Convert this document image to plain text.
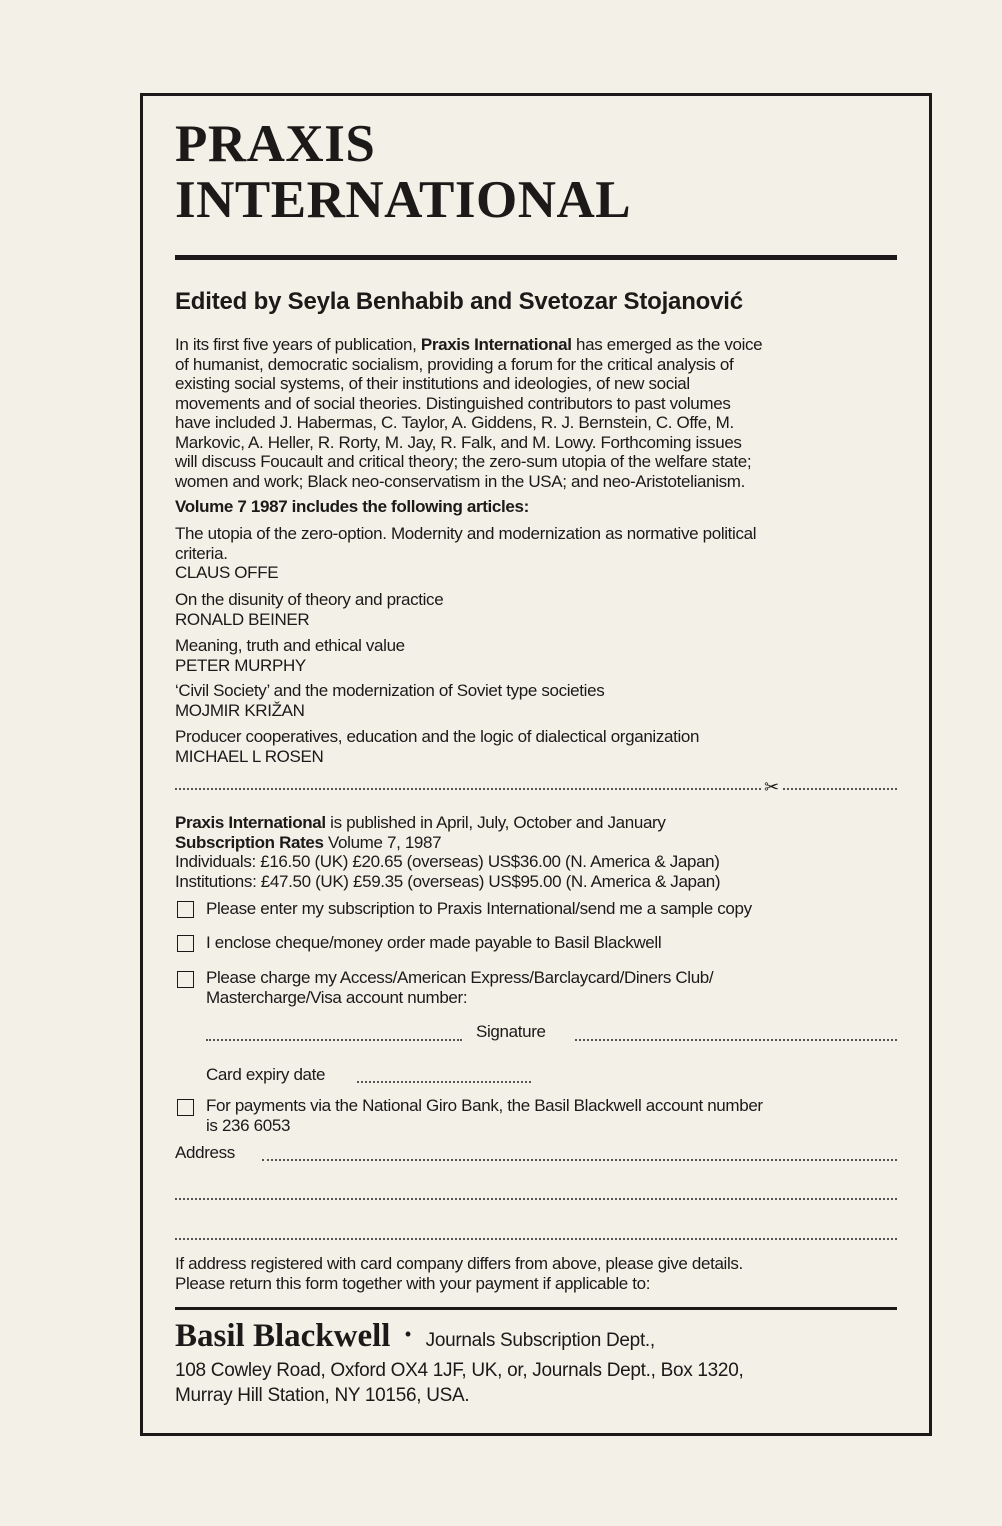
PRAXIS
INTERNATIONAL
Edited by Seyla Benhabib and Svetozar Stojanović
In its first five years of publication, Praxis International has emerged as the voice
of humanist, democratic socialism, providing a forum for the critical analysis of
existing social systems, of their institutions and ideologies, of new social
movements and of social theories. Distinguished contributors to past volumes
have included J. Habermas, C. Taylor, A. Giddens, R. J. Bernstein, C. Offe, M.
Markovic, A. Heller, R. Rorty, M. Jay, R. Falk, and M. Lowy. Forthcoming issues
will discuss Foucault and critical theory; the zero-sum utopia of the welfare state;
women and work; Black neo-conservatism in the USA; and neo-Aristotelianism.
Volume 7 1987 includes the following articles:
The utopia of the zero-option. Modernity and modernization as normative political
criteria.
CLAUS OFFE
On the disunity of theory and practice
RONALD BEINER
Meaning, truth and ethical value
PETER MURPHY
‘Civil Society’ and the modernization of Soviet type societies
MOJMIR KRIŽAN
Producer cooperatives, education and the logic of dialectical organization
MICHAEL L ROSEN
✂
Praxis International is published in April, July, October and January
Subscription Rates Volume 7, 1987
Individuals: £16.50 (UK) £20.65 (overseas) US$36.00 (N. America & Japan)
Institutions: £47.50 (UK) £59.35 (overseas) US$95.00 (N. America & Japan)
Please enter my subscription to Praxis International/send me a sample copy
I enclose cheque/money order made payable to Basil Blackwell
Please charge my Access/American Express/Barclaycard/Diners Club/
Mastercharge/Visa account number:
Signature
Card expiry date
For payments via the National Giro Bank, the Basil Blackwell account number
is 236 6053
Address
If address registered with card company differs from above, please give details.
Please return this form together with your payment if applicable to:
Basil Blackwell • Journals Subscription Dept.,
108 Cowley Road, Oxford OX4 1JF, UK, or, Journals Dept., Box 1320,
Murray Hill Station, NY 10156, USA.
